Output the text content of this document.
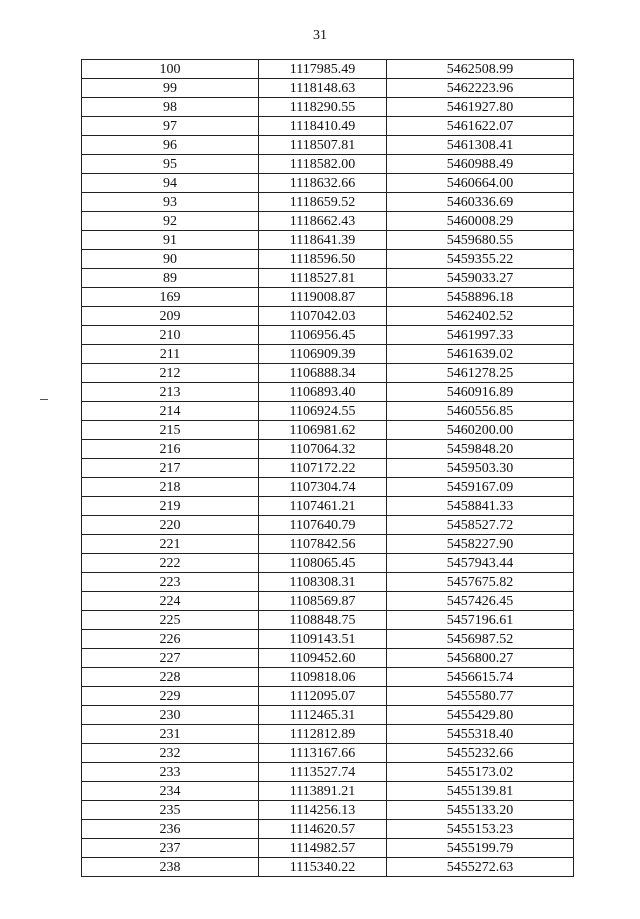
31
100	1117985.49	5462508.99
99	1118148.63	5462223.96
98	1118290.55	5461927.80
97	1118410.49	5461622.07
96	1118507.81	5461308.41
95	1118582.00	5460988.49
94	1118632.66	5460664.00
93	1118659.52	5460336.69
92	1118662.43	5460008.29
91	1118641.39	5459680.55
90	1118596.50	5459355.22
89	1118527.81	5459033.27
169	1119008.87	5458896.18
209	1107042.03	5462402.52
210	1106956.45	5461997.33
211	1106909.39	5461639.02
212	1106888.34	5461278.25
213	1106893.40	5460916.89
214	1106924.55	5460556.85
215	1106981.62	5460200.00
216	1107064.32	5459848.20
217	1107172.22	5459503.30
218	1107304.74	5459167.09
219	1107461.21	5458841.33
220	1107640.79	5458527.72
221	1107842.56	5458227.90
222	1108065.45	5457943.44
223	1108308.31	5457675.82
224	1108569.87	5457426.45
225	1108848.75	5457196.61
226	1109143.51	5456987.52
227	1109452.60	5456800.27
228	1109818.06	5456615.74
229	1112095.07	5455580.77
230	1112465.31	5455429.80
231	1112812.89	5455318.40
232	1113167.66	5455232.66
233	1113527.74	5455173.02
234	1113891.21	5455139.81
235	1114256.13	5455133.20
236	1114620.57	5455153.23
237	1114982.57	5455199.79
238	1115340.22	5455272.63
